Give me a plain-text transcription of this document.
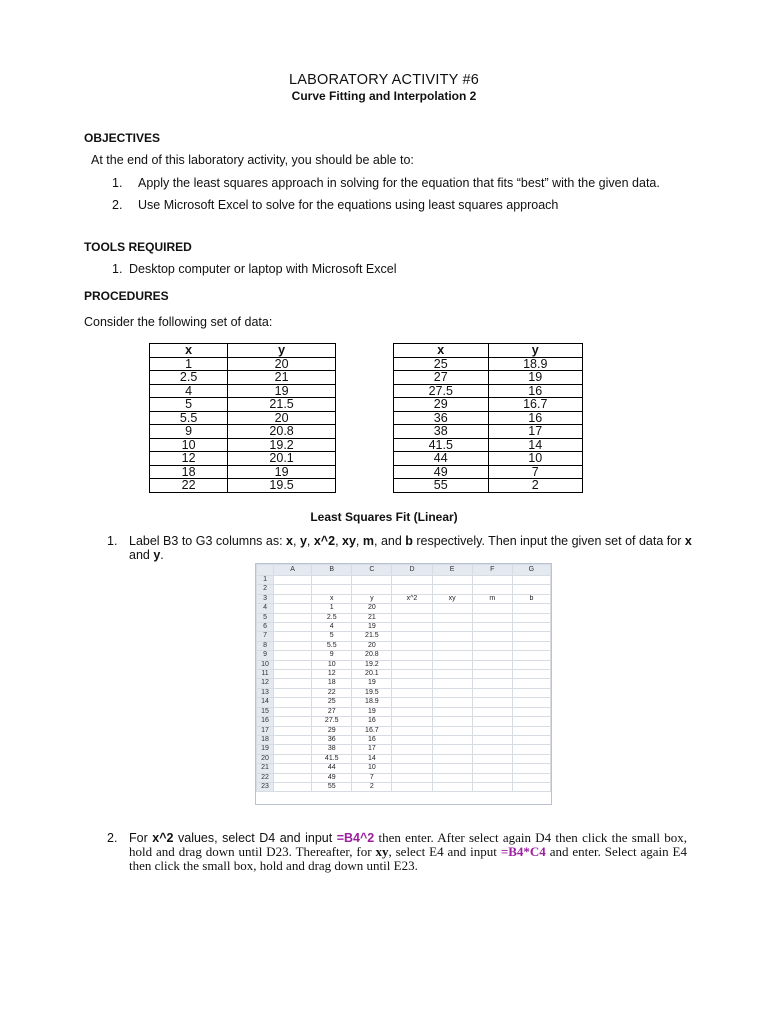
LABORATORY ACTIVITY #6
Curve Fitting and Interpolation 2
OBJECTIVES
At the end of this laboratory activity, you should be able to:
1. Apply the least squares approach in solving for the equation that fits “best” with the given data.
2. Use Microsoft Excel to solve for the equations using least squares approach
TOOLS REQUIRED
1. Desktop computer or laptop with Microsoft Excel
PROCEDURES
Consider the following set of data:
x	y
1	20
2.5	21
4	19
5	21.5
5.5	20
9	20.8
10	19.2
12	20.1
18	19
22	19.5
x	y
25	18.9
27	19
27.5	16
29	16.7
36	16
38	17
41.5	14
44	10
49	7
55	2
Least Squares Fit (Linear)
1. Label B3 to G3 columns as: x, y, x^2, xy, m, and b respectively. Then input the given set of data for x and y.
	A	B	C	D	E	F	G
1							
2							
3		x	y	x^2	xy	m	b
4		1	20				
5		2.5	21				
6		4	19				
7		5	21.5				
8		5.5	20				
9		9	20.8				
10		10	19.2				
11		12	20.1				
12		18	19				
13		22	19.5				
14		25	18.9				
15		27	19				
16		27.5	16				
17		29	16.7				
18		36	16				
19		38	17				
20		41.5	14				
21		44	10				
22		49	7				
23		55	2				
2. For x^2 values, select D4 and input =B4^2 then enter. After select again D4 then click the small box, hold and drag down until D23. Thereafter, for xy, select E4 and input =B4*C4 and enter. Select again E4 then click the small box, hold and drag down until E23.
